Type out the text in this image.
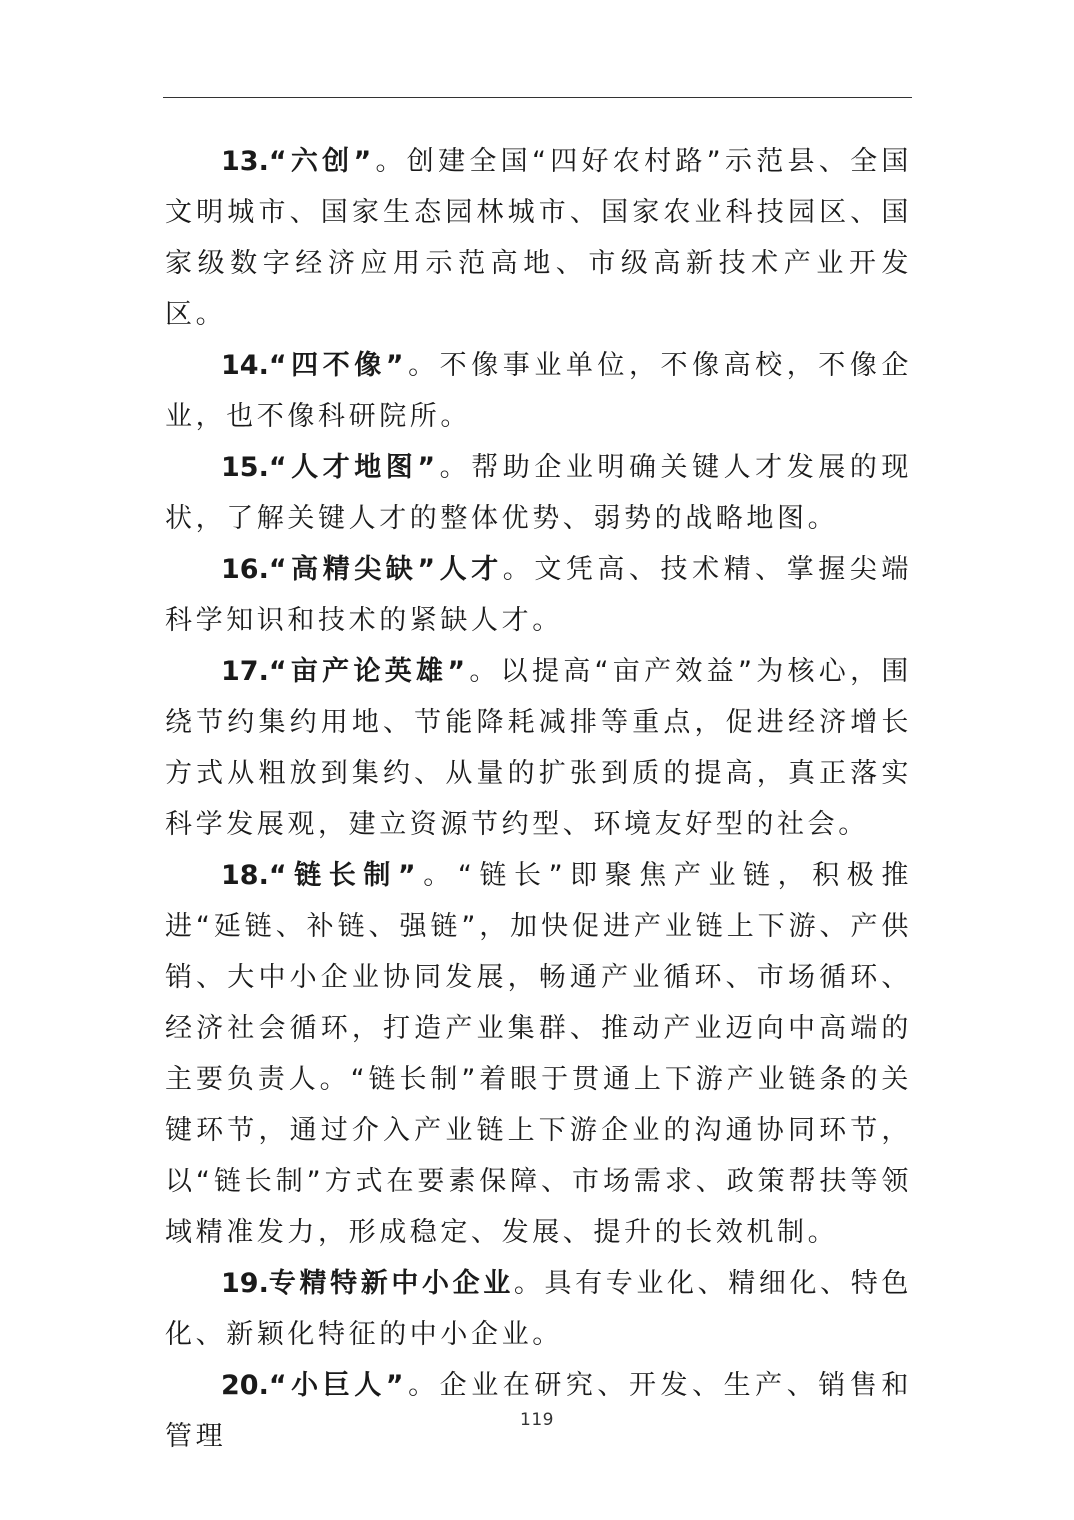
13.“六创”。创建全国“四好农村路”示范县、全国文明城市、国家生态园林城市、国家农业科技园区、国家级数字经济应用示范高地、市级高新技术产业开发区。

14.“四不像”。不像事业单位，不像高校，不像企业，也不像科研院所。

15.“人才地图”。帮助企业明确关键人才发展的现状，了解关键人才的整体优势、弱势的战略地图。

16.“高精尖缺”人才。文凭高、技术精、掌握尖端科学知识和技术的紧缺人才。

17.“亩产论英雄”。以提高“亩产效益”为核心，围绕节约集约用地、节能降耗减排等重点，促进经济增长方式从粗放到集约、从量的扩张到质的提高，真正落实科学发展观，建立资源节约型、环境友好型的社会。

18.“链长制”。“链长”即聚焦产业链，积极推进“延链、补链、强链”，加快促进产业链上下游、产供销、大中小企业协同发展，畅通产业循环、市场循环、经济社会循环，打造产业集群、推动产业迈向中高端的主要负责人。“链长制”着眼于贯通上下游产业链条的关键环节，通过介入产业链上下游企业的沟通协同环节，以“链长制”方式在要素保障、市场需求、政策帮扶等领域精准发力，形成稳定、发展、提升的长效机制。

19.专精特新中小企业。具有专业化、精细化、特色化、新颖化特征的中小企业。

20.“小巨人”。企业在研究、开发、生产、销售和管理

119
